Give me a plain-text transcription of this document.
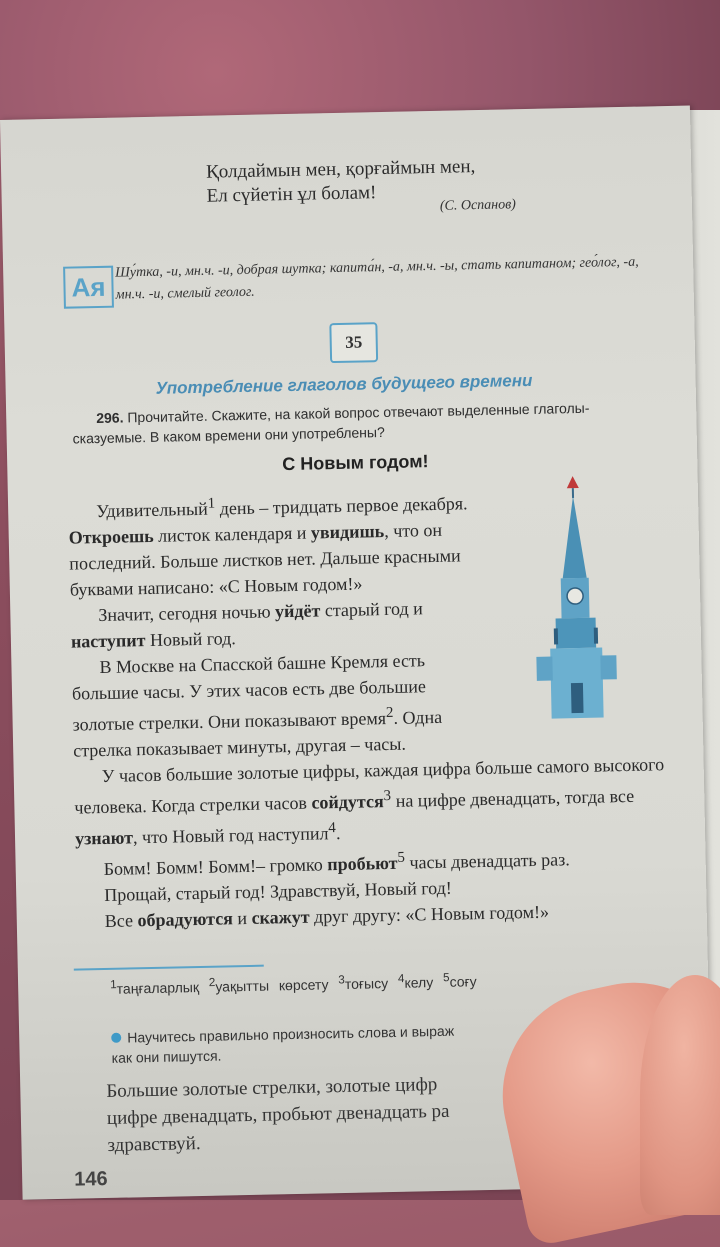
Қолдаймын мен, қорғаймын мен,
Ел сүйетін ұл болам!	(С. Оспанов)
Ая
Шу́тка, -и, мн.ч. -и, добрая шутка; капита́н, -а, мн.ч. -ы, стать капитаном; гео́лог, -а, мн.ч. -и, смелый геолог.
35
Употребление глаголов будущего времени
296. Прочитайте. Скажите, на какой вопрос отвечают выделенные глаголы-сказуемые. В каком времени они употреблены?
С Новым годом!

Удивительный$^1$ день – тридцать первое декабря. Откроешь листок календаря и увидишь, что он последний. Больше листков нет. Дальше красными буквами написано: «С Новым годом!»

Значит, сегодня ночью уйдёт старый год и наступит Новый год.

В Москве на Спасской башне Кремля есть большие часы. У этих часов есть две большие золотые стрелки. Они показывают время$^2$. Одна стрелка показывает минуты, другая – часы.

У часов большие золотые цифры, каждая цифра больше самого высокого человека. Когда стрелки часов сойдутся$^3$ на цифре двенадцать, тогда все узнают, что Новый год наступил$^4$.

Бомм! Бомм! Бомм!– громко пробьют$^5$ часы двенадцать раз.

Прощай, старый год! Здравствуй, Новый год!

Все обрадуются и скажут друг другу: «С Новым годом!»

$^1$таңғаларлық $^2$уақытты көрсету $^3$тоғысу $^4$келу $^5$соғу
Научитесь правильно произносить слова и выраж
как они пишутся.
Большие золотые стрелки, золотые цифр
цифре двенадцать, пробьют двенадцать ра
здравствуй.
146
